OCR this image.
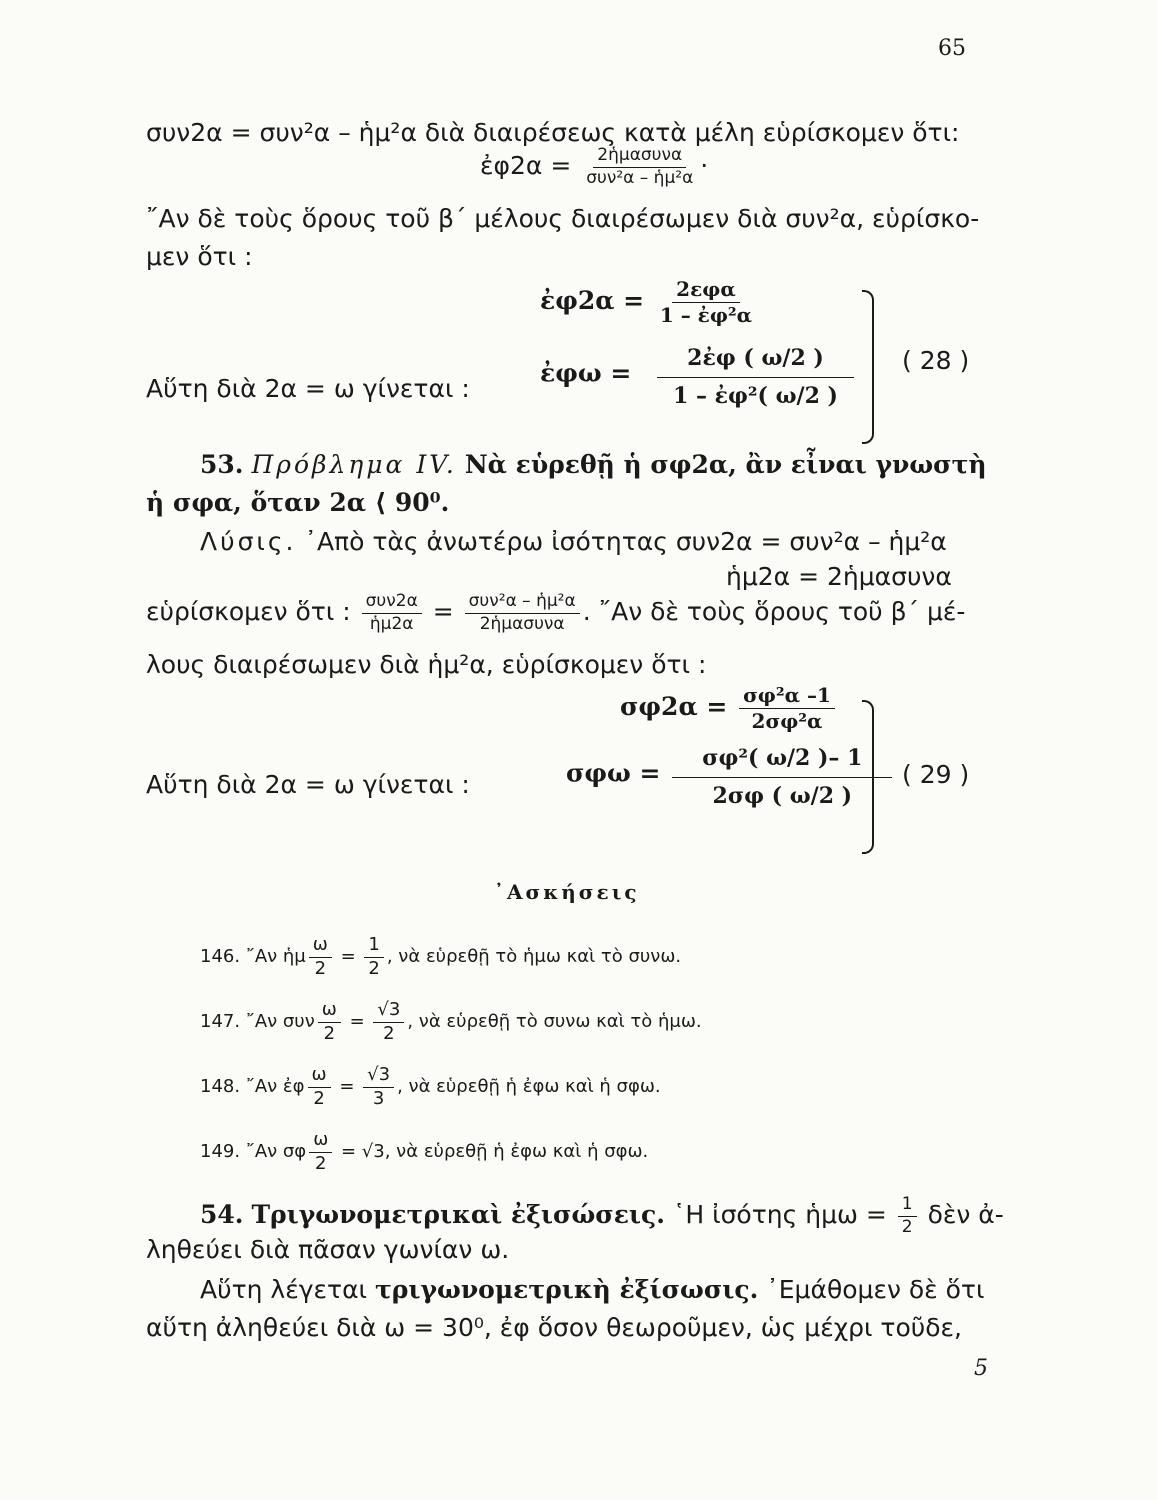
65
συν2α = συν²α – ἡμ²α διὰ διαιρέσεως κατὰ μέλη εὑρίσκομεν ὅτι:
ἐφ2α = $\frac{\text{2ἡμασυνα}}{\text{συν²α – ἡμ²α}}$ ·
῎Αν δὲ τοὺς ὅρους τοῦ β΄ μέλους διαιρέσωμεν διὰ συν²α, εὑρίσκο-
μεν ὅτι :
ἐφ2α = $\frac{\text{2εφα}}{\text{1 – ἐφ²α}}$
Αὕτη διὰ 2α = ω γίνεται :
ἐφω = $\frac{\text{2ἐφ ( ω/2 )}}{\text{1 – ἐφ²( ω/2 )}}$ ( 28 )
53. Πρόβλημα IV. Νὰ εὑρεθῇ ἡ σφ2α, ἂν εἶναι γνωστὴ
ἡ σφα, ὅταν 2α ⟨ 90⁰.
Λύσις. ᾿Απὸ τὰς ἀνωτέρω ἰσότητας συν2α = συν²α – ἡμ²α
ἡμ2α = 2ἡμασυνα
εὑρίσκομεν ὅτι : $\frac{\text{συν2α}}{\text{ἡμ2α}} = \frac{\text{συν²α – ἡμ²α}}{\text{2ἡμασυνα}}$ . ῎Αν δὲ τοὺς ὅρους τοῦ β΄ μέ-
λους διαιρέσωμεν διὰ ἡμ²α, εὑρίσκομεν ὅτι :
$\sigma\varphi 2\alpha = \frac{\text{σφ²α –1}}{\text{2σφ²α}}$
Αὕτη διὰ 2α = ω γίνεται :	$\sigma\varphi\omega = \frac{\text{σφ²( ω/2 )– 1}}{2\sigma\varphi ( \omega/2 )}$ ( 29 )
᾿Ασκήσεις
146. ῎Αν ἡμ $\frac{\omega}{2} = \frac{1}{2}$ , νὰ εὑρεθῇ τὸ ἡμω καὶ τὸ συνω.
147. ῎Αν συν $\frac{\omega}{2} = \frac{√3}{2}$ , νὰ εὑρεθῇ τὸ συνω καὶ τὸ ἡμω.
148. ῎Αν ἐφ $\frac{\omega}{2} = \frac{√3}{3}$ , νὰ εὑρεθῇ ἡ ἐφω καὶ ἡ σφω.
149. ῎Αν σφ $\frac{\omega}{2} = √3$, νὰ εὑρεθῇ ἡ ἐφω καὶ ἡ σφω.
54. Τριγωνομετρικαὶ ἐξισώσεις. ῾Η ἰσότης ἡμω = $\frac{1}{2}$ δὲν ἀ-
ληθεύει διὰ πᾶσαν γωνίαν ω.
Αὕτη λέγεται τριγωνομετρικὴ ἐξίσωσις. ᾿Εμάθομεν δὲ ὅτι
αὕτη ἀληθεύει διὰ ω = 30⁰, ἐφ ὅσον θεωροῦμεν, ὡς μέχρι τοῦδε,
5
